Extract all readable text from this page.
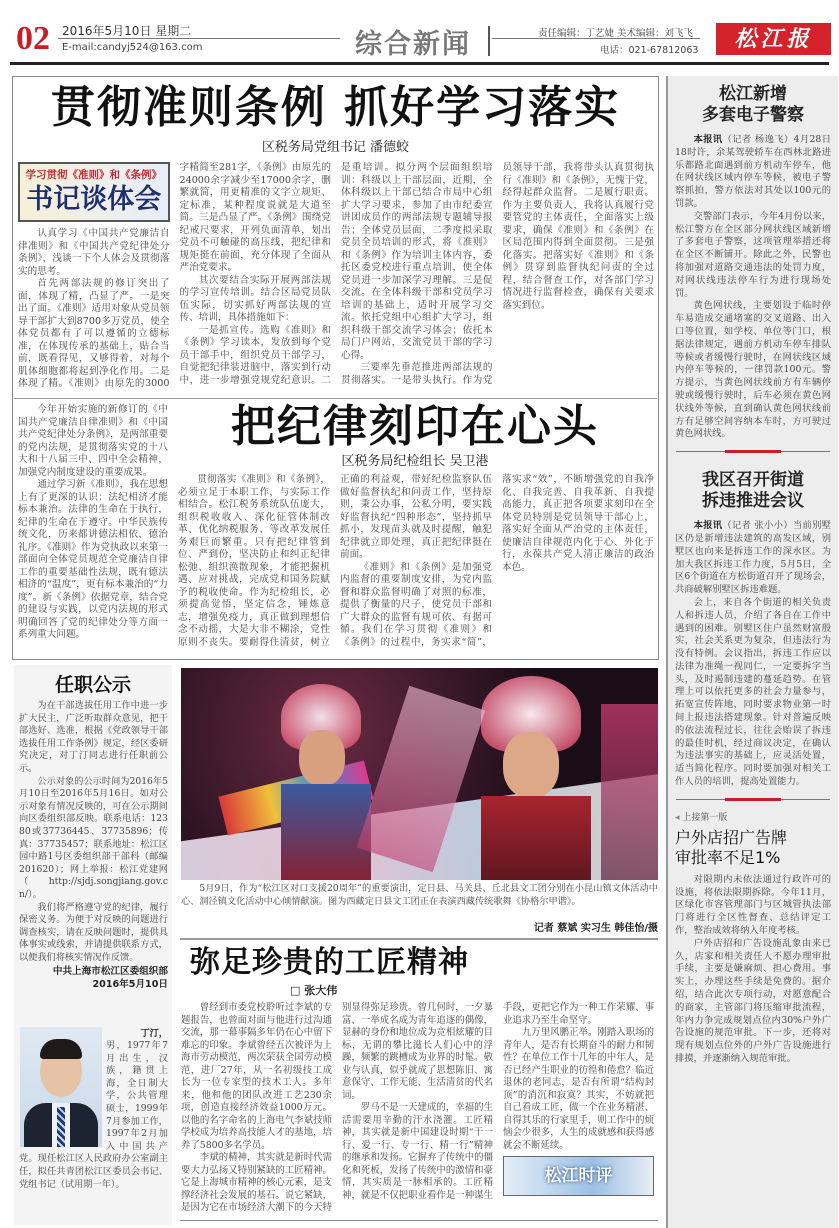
02 2016年5月10日 星期二
E-mail:candyj524@163.com	综合新闻	责任编辑：丁艺婕 美术编辑：刘飞飞
电话：021-67812063	松江报
贯彻准则条例 抓好学习落实
区税务局党组书记 潘德蛟
学习贯彻《准则》和《条例》
书记谈体会

认真学习《中国共产党廉洁自律准则》和《中国共产党纪律处分条例》，浅谈一下个人体会及贯彻落实的思考。

首先两部法规的修订突出了面，体现了精，凸显了严。一是突出了面。《准则》适用对象从党员领导干部扩大到8700多万党员，使全体党员都有了可以遵循的立德标准，在体现传承的基础上，贴合当前，既看得见，又够得着，对每个肌体细胞都将起到净化作用。二是体现了精。《准则》由原先的3000字精简至281字，《条例》由原先的24000余字减少至17000余字，删繁就简，用更精准的文字立规矩、定标准，某种程度说就是大道至简。三是凸显了严。《条例》围绕党纪戒尺要求，开列负面清单，划出党员不可触碰的高压线，把纪律和规矩挺在前面，充分体现了全面从严治党要求。

其次要结合实际开展两部法规的学习宣传培训。结合区局党员队伍实际，切实抓好两部法规的宣传、培训，具体措施如下：

一是抓宣传。选购《准则》和《条例》学习读本，发放到每个党员干部手中，组织党员干部学习，自觉把纪律装进脑中，落实到行动中，进一步增强党规党纪意识。二是重培训。拟分两个层面组织培训：科级以上干部层面，近期，全体科级以上干部已结合市局中心组扩大学习要求，参加了由市纪委宣讲团成员作的两部法规专题辅导报告；全体党员层面，二季度拟采取党员全员培训的形式，将《准则》和《条例》作为培训主体内容，委托区委党校进行重点培训，使全体党员进一步加深学习理解。三是促交流。在全体科级干部和党员学习培训的基础上，适时开展学习交流。依托党组中心组扩大学习，组织科级干部交流学习体会；依托本局门户网站，交流党员干部的学习心得。

三要率先垂范推进两部法规的贯彻落实。一是带头执行。作为党员领导干部，我将带头认真贯彻执行《准则》和《条例》，无愧于党，经得起群众监督。二是履行职责。作为主要负责人，我将认真履行党要管党的主体责任，全面落实上级要求，确保《准则》和《条例》在区局范围内得到全面贯彻。三是强化落实。把落实好《准则》和《条例》贯穿到监督执纪问责的全过程，结合督查工作，对各部门学习情况进行监督检查，确保有关要求落实到位。

今年开始实施的新修订的《中国共产党廉洁自律准则》和《中国共产党纪律处分条例》，是两部重要的党内法规，是贯彻落实党的十八大和十八届三中、四中全会精神，加强党内制度建设的重要成果。

通过学习新《准则》，我在思想上有了更深的认识：法纪相济才能标本兼治。法律的生命在于执行，纪律的生命在于遵守。中华民族传统文化，历来都讲德法相依、德治礼序。《准则》作为党执政以来第一部面向全体党员规范全党廉洁自律工作的重要基础性法规，既有德法相济的“温度”，更有标本兼治的“力度”。新《条例》依据党章，结合党的建设与实践，以党内法规的形式明确回答了党的纪律处分等方面一系列重大问题。

把纪律刻印在心头
区税务局纪检组长 吴卫港

贯彻落实《准则》和《条例》，必须立足于本职工作，与实际工作相结合。松江税务系统队伍庞大，组织税收收入、深化征管体制改革、优化纳税服务、等改革发展任务艰巨而繁重。只有把纪律管到位、严到份，坚决防止和纠正纪律松弛、组织涣散现象，才能把握机遇、应对挑战，完成党和国务院赋予的税收使命。作为纪检组长，必须提高觉悟，坚定信念，锤炼意志，增强免疫力，真正做到理想信念不动摇，大是大非不糊涂，党性原则不丧失。要耐得住清贫，树立正确的利益观，带好纪检监察队伍做好监督执纪和问责工作，坚持原则，秉公办事，公私分明，要实践好监督执纪“四种形态”，坚持抓早抓小，发现苗头就及时提醒，触犯纪律就立即处理，真正把纪律挺在前面。

《准则》和《条例》是加强党内监督的重要制度安排，为党内监督和群众监督明确了对照的标准，提供了衡量的尺子，使党员干部和广大群众的监督有规可依、有据可循。我们在学习贯彻《准则》和《条例》的过程中，务实求“简”，落实求“效”，不断增强党的自我净化、自我完善、自我革新、自我提高能力，真正把各项要求刻印在全体党员特别是党员领导干部心上，落实好全面从严治党的主体责任，使廉洁自律规范内化于心、外化于行，永葆共产党人清正廉洁的政治本色。

任职公示

为在干部选拔任用工作中进一步扩大民主，广泛听取群众意见，把干部选好、选准，根据《党政领导干部选拔任用工作条例》规定，经区委研究决定，对丁汀同志进行任职前公示。

公示对象的公示时间为2016年5月10日至2016年5月16日。如对公示对象有情况反映的，可在公示期间向区委组织部反映。联系电话：12380或37736445、37735896；传真：37735457；联系地址：松江区园中路1号区委组织部干部科（邮编201620）；网上举报：松江党建网（http://sjdj.songjiang.gov.cn/）。

我们将严格遵守党的纪律，履行保密义务。为便于对反映的问题进行调查核实，请在反映问题时，提供具体事实或线索，并请提供联系方式，以便我们将核实情况作反馈。

中共上海市松江区委组织部
2016年5月10日
丁汀，
男，1977年7月出生，汉族，籍贯上海，全日制大学，公共管理硕士，1999年7月参加工作，1997年2月加入中国共产党。现任松江区人民政府办公室副主任，拟任共青团松江区委员会书记、党组书记（试用期一年）。
5月9日，作为“松江区对口支援20周年”的重要演出，定日县、马关县、丘北县文工团分别在小昆山镇文体活动中心、洞泾镇文化活动中心倾情献演。图为西藏定日县文工团正在表演西藏传统歌舞《协格尔甲谐》。
记者 蔡斌 实习生 韩佳怡/摄
弥足珍贵的工匠精神
□ 张大伟

曾经到市委党校聆听过李斌的专题报告，也曾面对面与他进行过沟通交流，那一幕事隔多年仍在心中留下难忘的印象。李斌曾经五次被评为上海市劳动模范，两次荣获全国劳动模范，进厂27年，从一名初级技工成长为一位专家型的技术工人。多年来，他和他的团队改进工艺230余项，创造直接经济效益1000万元。以他的名字命名的上海电气李斌技师学校成为培养高技能人才的基地，培养了5800多名学员。

李斌的精神，其实就是新时代需要大力弘扬又特别紧缺的工匠精神。它是上海城市精神的核心元素，是支撑经济社会发展的基石。说它紧缺，是因为它在市场经济大潮下的今天特别显得弥足珍贵。曾几何时，一夕暴富、一举成名成为青年追逐的偶像，显赫的身份和地位成为竞相炫耀的目标，无谓的攀比滋长人们心中的浮躁，频繁的跳槽成为业界的时髦。敬业与认真，似乎就成了思想陈旧、寓意保守、工作无能、生活清贫的代名词。

罗马不是一天建成的，幸福的生活需要用辛勤的汗水浇灌。工匠精神，其实就是新中国建设时期“干一行、爱一行、专一行、精一行”精神的继承和发扬。它摒弃了传统中的僵化和死板，发扬了传统中的激情和豪情，其实质是一脉相承的。工匠精神，就是不仅把职业看作是一种谋生手段，更把它作为一种工作荣耀、事业追求乃至生命坚守。

九万里风鹏正举。刚踏入职场的青年人，是否有长期奋斗的耐力和韧性？在单位工作十几年的中年人，是否已经产生职业的彷徨和倦怠？临近退休的老同志，是否有所谓“结构封顶”的消沉和寂寞？其实，不妨就把自己看成工匠，做一个在业务精湛、自得其乐的行家里手，则工作中的烦恼会少很多，人生的成就感和获得感就会不断延续。

松江时评
松江新增
多套电子警察

本报讯（记者 杨逸飞）4月28日18时许，余某驾驶轿车在西林北路进乐都路北面遇到前方机动车停车，他在网状线区域内停车等候，被电子警察抓拍，警方依法对其处以100元的罚款。

交警部门表示，今年4月份以来，松江警方在全区部分网状线区域新增了多套电子警察，这项管理举措还将在全区不断铺开。除此之外，民警也将加强对道路交通违法的处罚力度，对网状线违法停车行为进行现场处罚。

黄色网状线，主要划设于临时停车易造成交通堵塞的交叉道路、出入口等位置，如学校、单位等门口，根据法律规定，遇前方机动车停车排队等候或者缓慢行驶时，在网状线区域内停车等候的，一律罚款100元。警方提示，当黄色网状线前方有车辆停驶或缓慢行驶时，后车必须在黄色网状线外等候，直到确认黄色网状线前方有足够空间容纳本车时，方可驶过黄色网状线。

我区召开街道
拆违推进会议

本报讯（记者 张小小）当前别墅区仍是新增违法建筑的高发区域，别墅区也向来是拆违工作的深水区。为加大我区拆违工作力度，5月5日，全区6个街道在方松街道召开了现场会，共商破解别墅区拆违难题。

会上，来自各个街道的相关负责人和拆违人员，介绍了各自在工作中遇到的困难。别墅区住户虽然财富殷实，社会关系更为复杂，但违法行为没有特例。会议指出，拆违工作应以法律为准绳一视同仁，一定要拆字当头，及时遏制违建的蔓延趋势。在管理上可以依托更多的社会力量参与，拓宽宣传阵地，同时要求物业第一时间上报违法搭建现象。针对普遍反映的依法流程过长，往往会贻误了拆违的最佳时机，经过商议决定，在确认为违法事实的基础上，应灵活处置，适当简化程序。同时要加强对相关工作人员的培训，提高处置能力。

◂ 上接第一版
户外店招广告牌
审批率不足1%

对限期内未依法通过行政许可的设施，将依法限期拆除。今年11月，区绿化市容管理部门与区城管执法部门将进行全区性督查、总结评定工作，整治成效将纳入年度考核。

户外店招和广告设施乱象由来已久，店家和相关责任人不愿办理审批手续，主要是嫌麻烦、担心费用。事实上，办理这些手续是免费的。据介绍，结合此次专项行动，对愿意配合的商家，主管部门将压缩审批流程，年内力争完成规划点位内30%户外广告设施的规范审批。下一步，还将对现有规划点位外的户外广告设施进行排摸，并逐渐纳入规范审批。
